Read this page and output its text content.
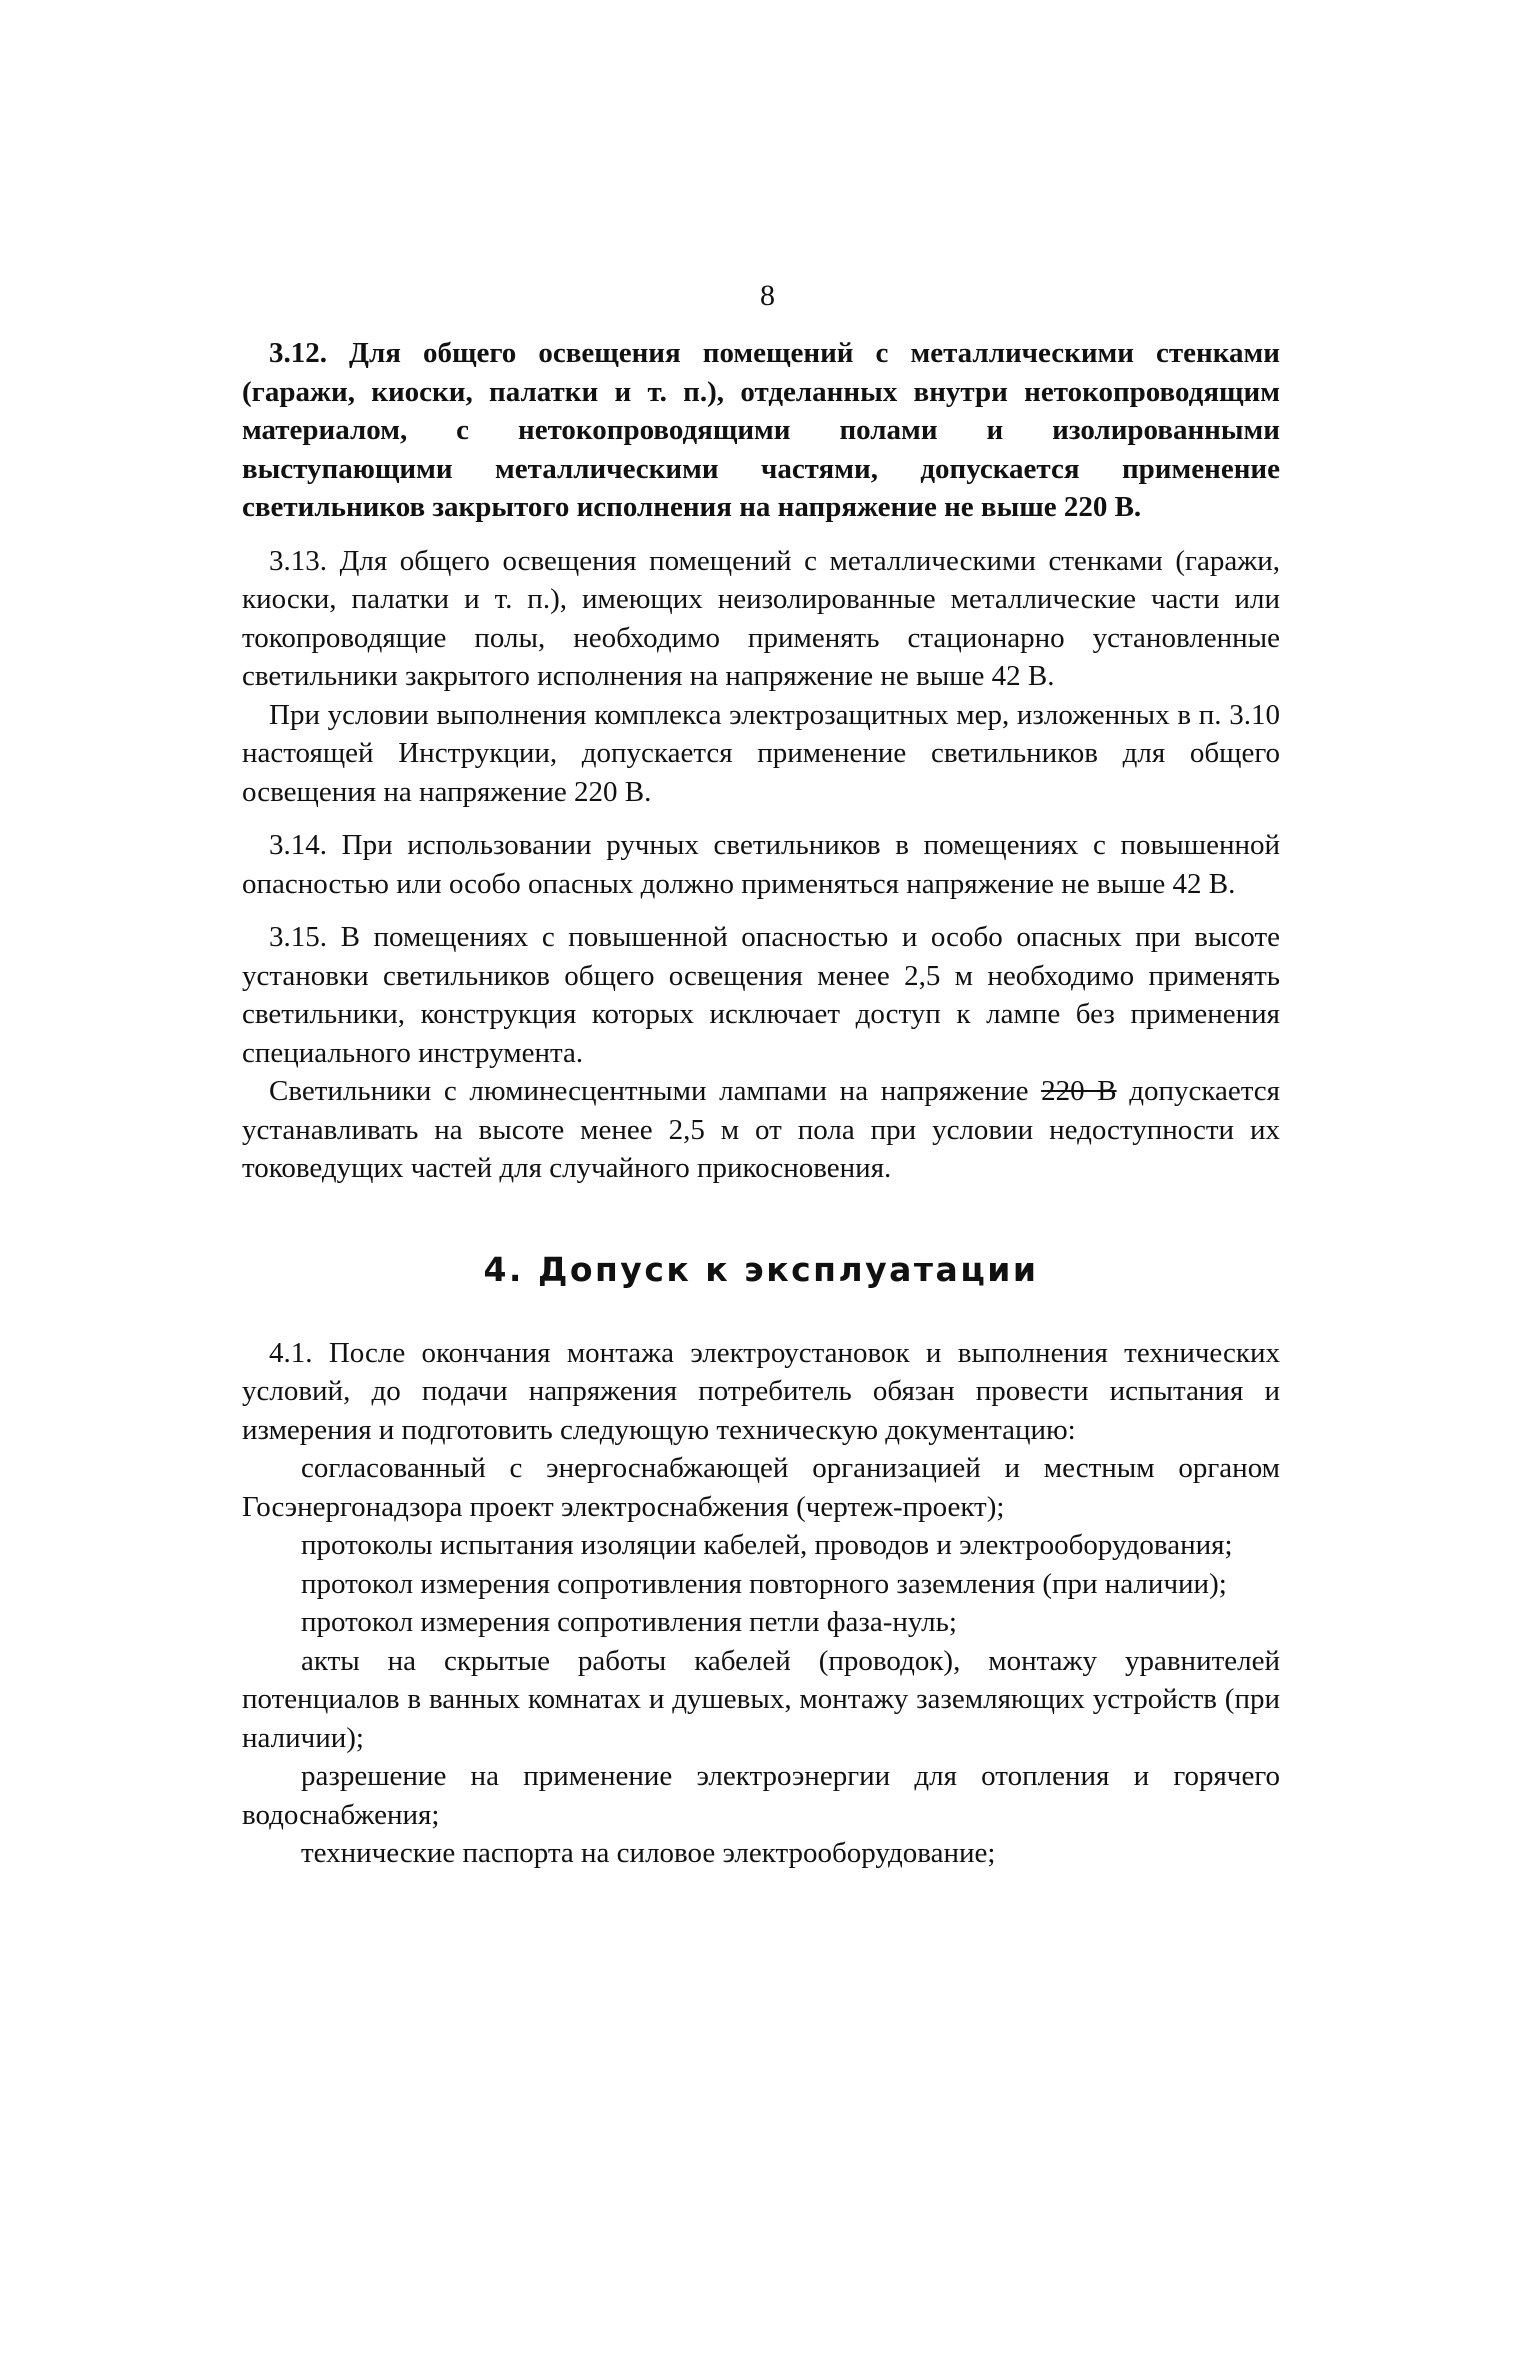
8

3.12. Для общего освещения помещений с металлическими стенками (гаражи, киоски, палатки и т. п.), отделанных внутри нетокопроводящим материалом, с нетокопроводящими полами и изолированными выступающими металлическими частями, допускается применение светильников закрытого исполнения на напряжение не выше 220 В.

3.13. Для общего освещения помещений с металлическими стенками (гаражи, киоски, палатки и т. п.), имеющих неизолированные металлические части или токопроводящие полы, необходимо применять стационарно установленные светильники закрытого исполнения на напряжение не выше 42 В.

При условии выполнения комплекса электрозащитных мер, изложенных в п. 3.10 настоящей Инструкции, допускается применение светильников для общего освещения на напряжение 220 В.

3.14. При использовании ручных светильников в помещениях с повышенной опасностью или особо опасных должно применяться напряжение не выше 42 В.

3.15. В помещениях с повышенной опасностью и особо опасных при высоте установки светильников общего освещения менее 2,5 м необходимо применять светильники, конструкция которых исключает доступ к лампе без применения специального инструмента.

Светильники с люминесцентными лампами на напряжение 220 В допускается устанавливать на высоте менее 2,5 м от пола при условии недоступности их токоведущих частей для случайного прикосновения.

4. Допуск к эксплуатации

4.1. После окончания монтажа электроустановок и выполнения технических условий, до подачи напряжения потребитель обязан провести испытания и измерения и подготовить следующую техническую документацию:

согласованный с энергоснабжающей организацией и местным органом Госэнергонадзора проект электроснабжения (чертеж-проект);

протоколы испытания изоляции кабелей, проводов и электрооборудования;

протокол измерения сопротивления повторного заземления (при наличии);

протокол измерения сопротивления петли фаза-нуль;

акты на скрытые работы кабелей (проводок), монтажу уравнителей потенциалов в ванных комнатах и душевых, монтажу заземляющих устройств (при наличии);

разрешение на применение электроэнергии для отопления и горячего водоснабжения;

технические паспорта на силовое электрооборудование;
